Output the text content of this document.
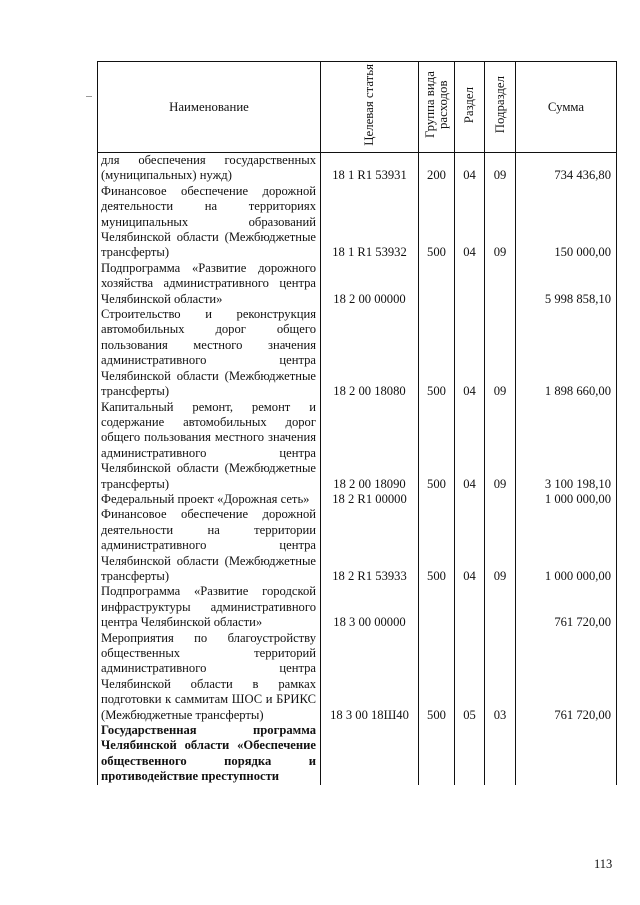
Наименование	Целевая статья	Группа вида расходов	Раздел	Подраздел	Сумма
для обеспечения государственных (муниципальных) нужд)	18 1 R1 53931	200	04	09	734 436,80
Финансовое обеспечение дорожной деятельности на территориях муниципальных образований Челябинской области (Межбюджетные трансферты)	18 1 R1 53932	500	04	09	150 000,00
Подпрограмма «Развитие дорожного хозяйства административного центра Челябинской области»	18 2 00 00000				5 998 858,10
Строительство и реконструкция автомобильных дорог общего пользования местного значения административного центра Челябинской области (Межбюджетные трансферты)	18 2 00 18080	500	04	09	1 898 660,00
Капитальный ремонт, ремонт и содержание автомобильных дорог общего пользования местного значения административного центра Челябинской области (Межбюджетные трансферты)	18 2 00 18090	500	04	09	3 100 198,10
Федеральный проект «Дорожная сеть»	18 2 R1 00000				1 000 000,00
Финансовое обеспечение дорожной деятельности на территории административного центра Челябинской области (Межбюджетные трансферты)	18 2 R1 53933	500	04	09	1 000 000,00
Подпрограмма «Развитие городской инфраструктуры административного центра Челябинской области»	18 3 00 00000				761 720,00
Мероприятия по благоустройству общественных территорий административного центра Челябинской области в рамках подготовки к саммитам ШОС и БРИКС (Межбюджетные трансферты)	18 3 00 18Ш40	500	05	03	761 720,00
Государственная программа Челябинской области «Обеспечение общественного порядка и противодействие преступности					
113
